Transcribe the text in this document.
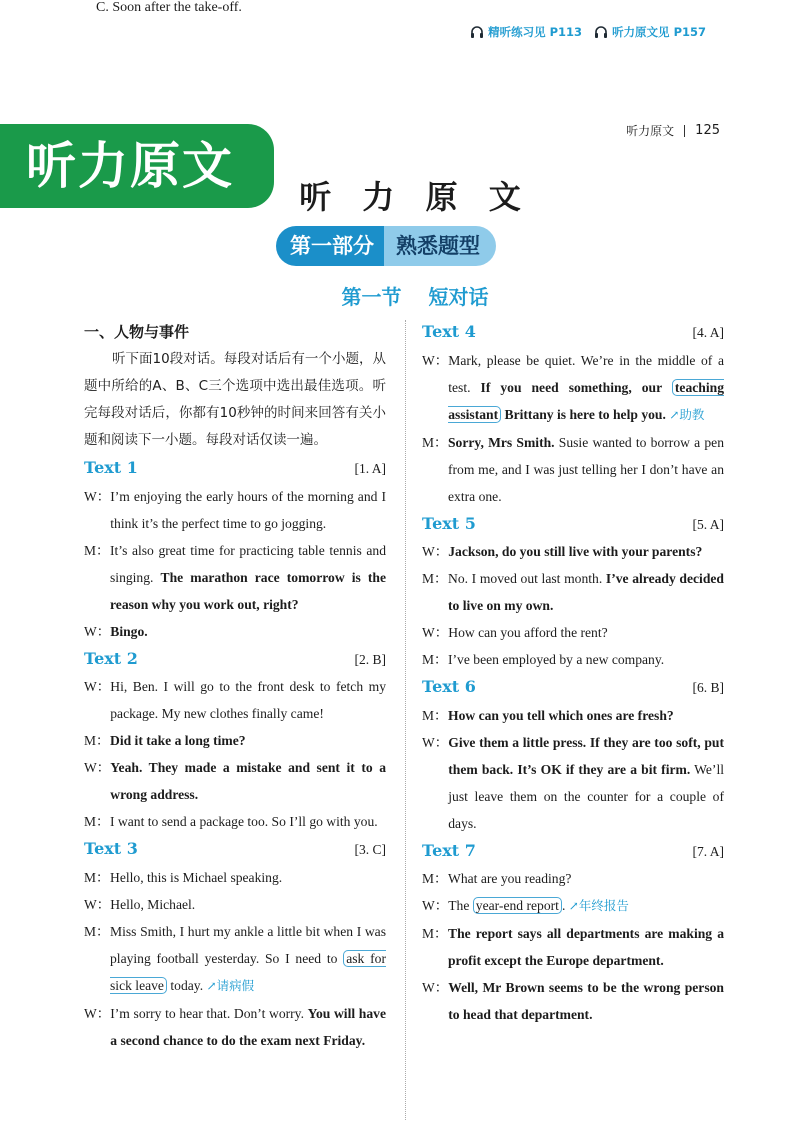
C. Soon after the take-off.
精听练习见 P113	听力原文见 P157
听力原文 125
听力原文
听 力 原 文
第一部分	熟悉题型
第一节 短对话
一、人物与事件

听下面10段对话。每段对话后有一个小题，从题中所给的A、B、C三个选项中选出最佳选项。听完每段对话后，你都有10秒钟的时间来回答有关小题和阅读下一小题。每段对话仅读一遍。

Text 1	[1. A]
W： I’m enjoying the early hours of the morning and I think it’s the perfect time to go jogging.
M： It’s also great time for practicing table tennis and singing. The marathon race tomorrow is the reason why you work out, right?
W： Bingo.
Text 2	[2. B]
W： Hi, Ben. I will go to the front desk to fetch my package. My new clothes finally came!
M： Did it take a long time?
W： Yeah. They made a mistake and sent it to a wrong address.
M： I want to send a package too. So I’ll go with you.
Text 3	[3. C]
M： Hello, this is Michael speaking.
W： Hello, Michael.
M： Miss Smith, I hurt my ankle a little bit when I was playing football yesterday. So I need to ask for sick leave today. ↗请病假
W： I’m sorry to hear that. Don’t worry. You will have a second chance to do the exam next Friday.
Text 4	[4. A]
W： Mark, please be quiet. We’re in the middle of a test. If you need something, our teaching assistant Brittany is here to help you. ↗助教
M： Sorry, Mrs Smith. Susie wanted to borrow a pen from me, and I was just telling her I don’t have an extra one.
Text 5	[5. A]
W： Jackson, do you still live with your parents?
M： No. I moved out last month. I’ve already decided to live on my own.
W： How can you afford the rent?
M： I’ve been employed by a new company.
Text 6	[6. B]
M： How can you tell which ones are fresh?
W： Give them a little press. If they are too soft, put them back. It’s OK if they are a bit firm. We’ll just leave them on the counter for a couple of days.
Text 7	[7. A]
M： What are you reading?
W： The year-end report . ↗年终报告
M： The report says all departments are making a profit except the Europe department.
W： Well, Mr Brown seems to be the wrong person to head that department.
